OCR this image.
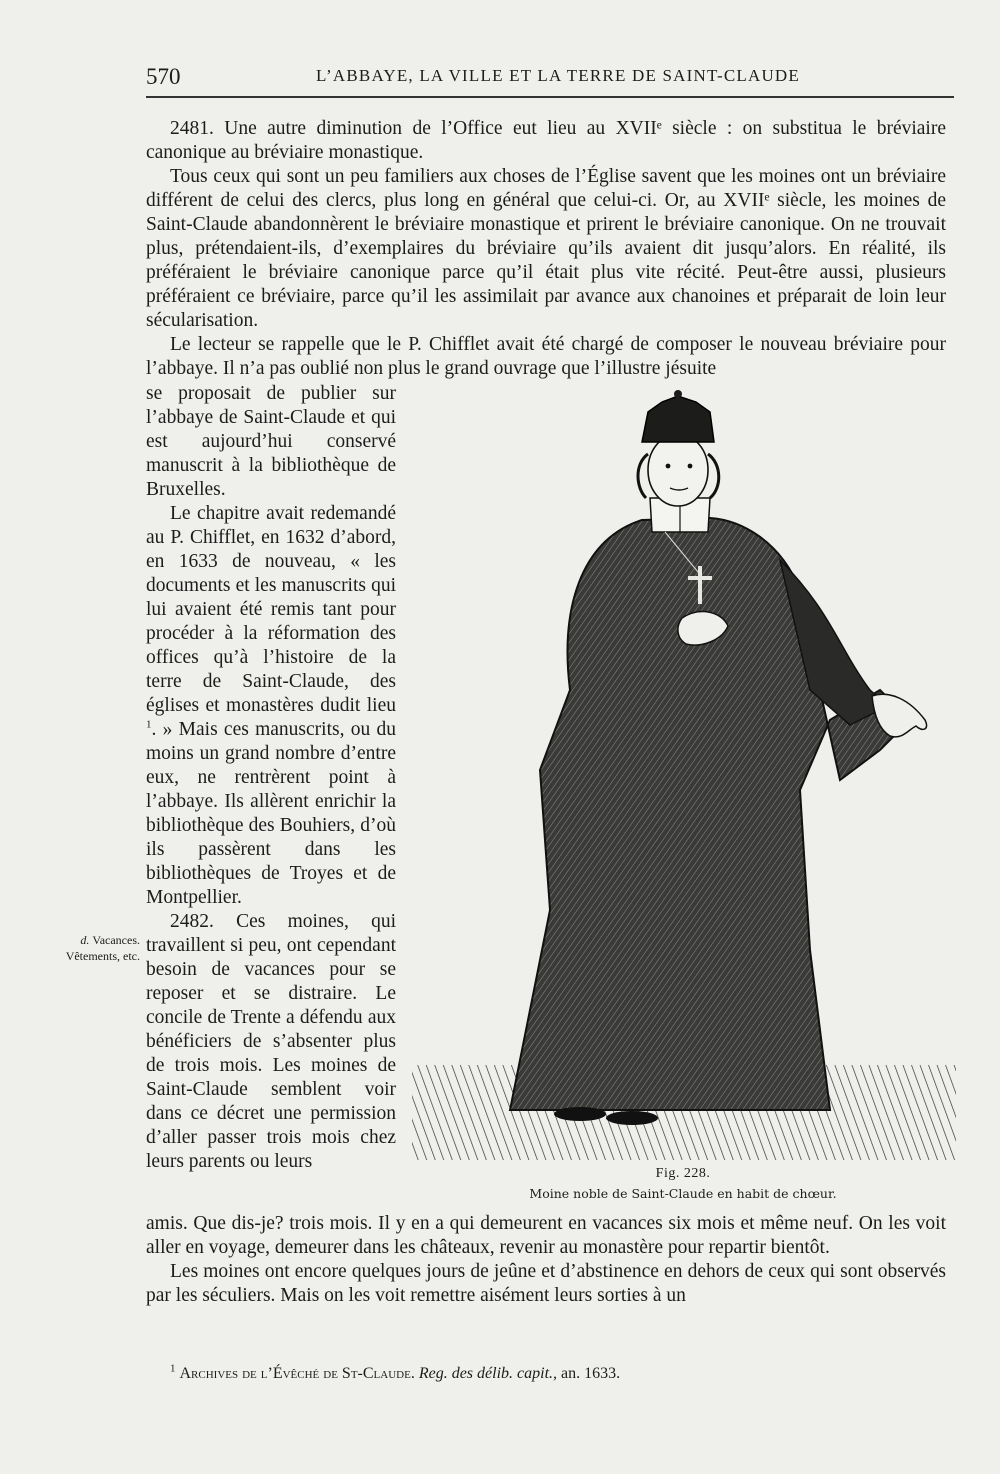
570	L’ABBAYE, LA VILLE ET LA TERRE DE SAINT-CLAUDE
d. Vacances. Vêtements, etc.

2481. Une autre diminution de l’Office eut lieu au XVIIᵉ siècle : on substitua le bréviaire canonique au bréviaire monastique.

Tous ceux qui sont un peu familiers aux choses de l’Église savent que les moines ont un bréviaire différent de celui des clercs, plus long en général que celui-ci. Or, au XVIIᵉ siècle, les moines de Saint-Claude abandonnèrent le bréviaire monastique et prirent le bréviaire canonique. On ne trouvait plus, prétendaient-ils, d’exemplaires du bréviaire qu’ils avaient dit jusqu’alors. En réalité, ils préféraient le bréviaire canonique parce qu’il était plus vite récité. Peut-être aussi, plusieurs préféraient ce bréviaire, parce qu’il les assimilait par avance aux chanoines et préparait de loin leur sécularisation.

Le lecteur se rappelle que le P. Chifflet avait été chargé de composer le nouveau bréviaire pour l’abbaye. Il n’a pas oublié non plus le grand ouvrage que l’illustre jésuite

se proposait de publier sur l’abbaye de Saint-Claude et qui est aujourd’hui conservé manuscrit à la bibliothèque de Bruxelles.

Le chapitre avait redemandé au P. Chifflet, en 1632 d’abord, en 1633 de nouveau, « les documents et les manuscrits qui lui avaient été remis tant pour procéder à la réformation des offices qu’à l’histoire de la terre de Saint-Claude, des églises et monastères dudit lieu $^1$. » Mais ces manuscrits, ou du moins un grand nombre d’entre eux, ne rentrèrent point à l’abbaye. Ils allèrent enrichir la bibliothèque des Bouhiers, d’où ils passèrent dans les bibliothèques de Troyes et de Montpellier.

2482. Ces moines, qui travaillent si peu, ont cependant besoin de vacances pour se reposer et se distraire. Le concile de Trente a défendu aux bénéficiers de s’absenter plus de trois mois. Les moines de Saint-Claude semblent voir dans ce décret une permission d’aller passer trois mois chez leurs parents ou leurs

amis. Que dis-je? trois mois. Il y en a qui demeurent en vacances six mois et même neuf. On les voit aller en voyage, demeurer dans les châteaux, revenir au monastère pour repartir bientôt.

Les moines ont encore quelques jours de jeûne et d’abstinence en dehors de ceux qui sont observés par les séculiers. Mais on les voit remettre aisément leurs sorties à un

Fig. 228.
Moine noble de Saint-Claude en habit de chœur.
$^1$ Archives de l’Évêché de St-Claude. Reg. des délib. capit., an. 1633.
